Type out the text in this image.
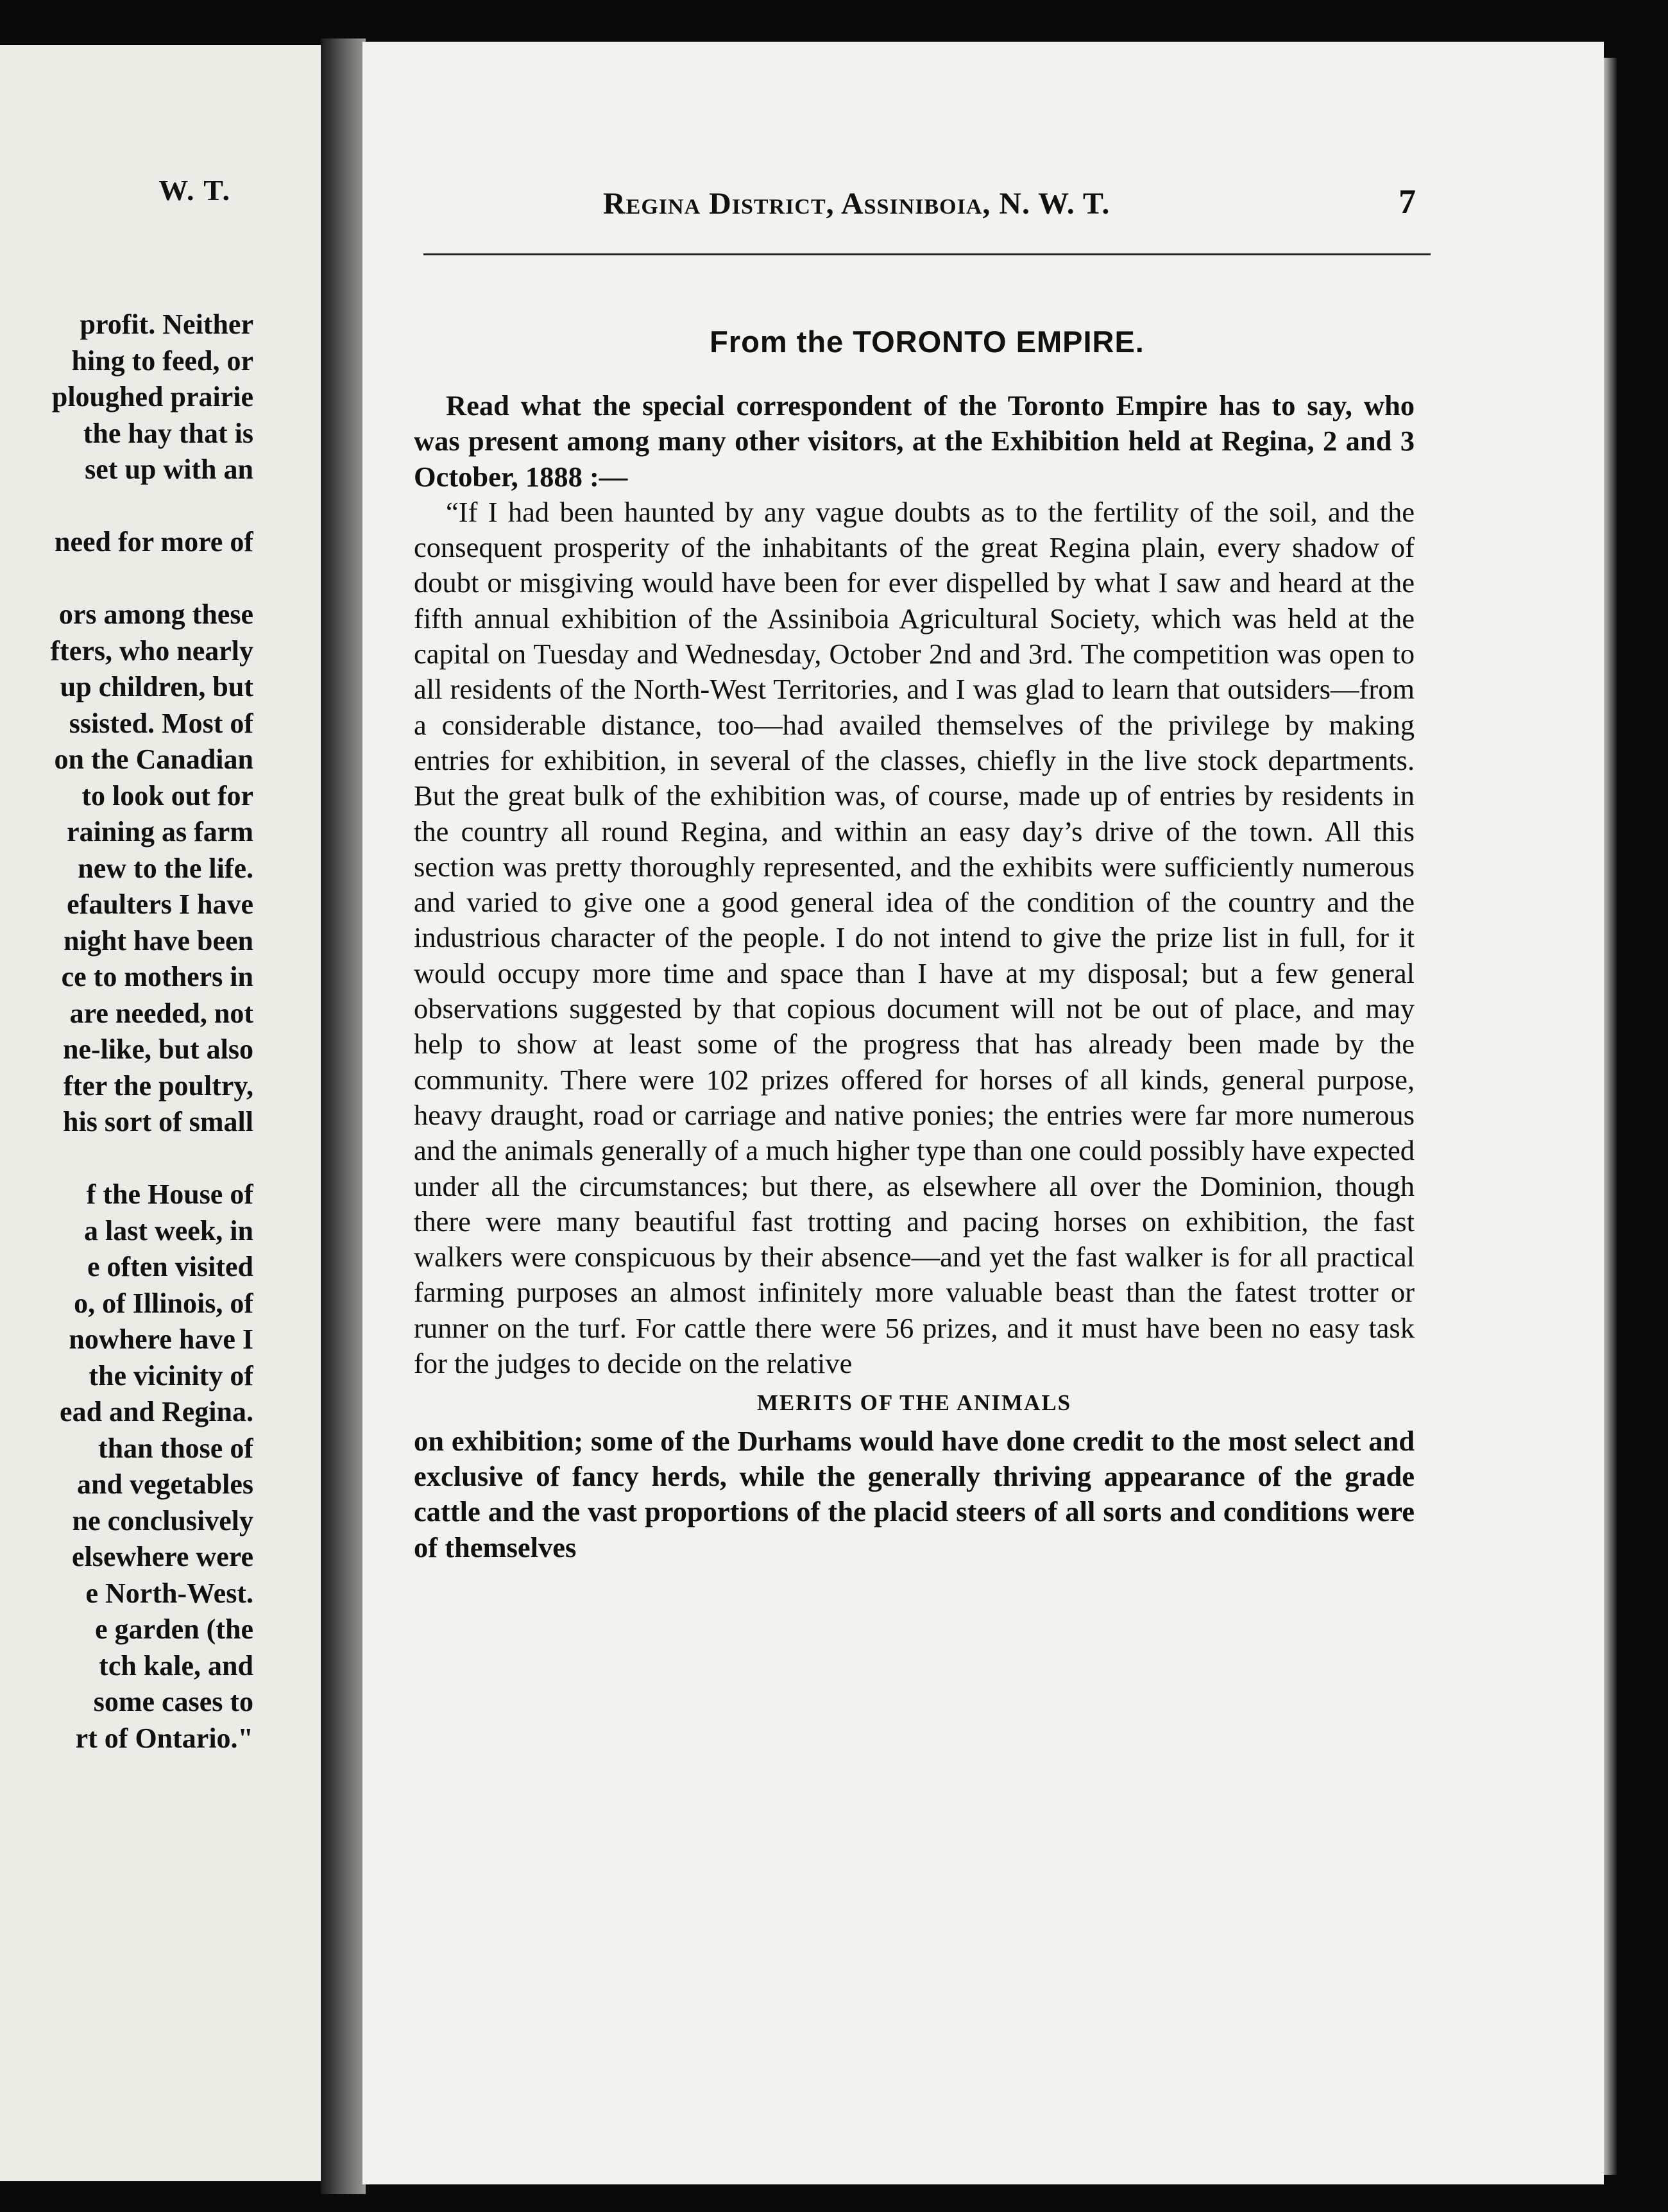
W. T.
profit. Neither
hing to feed, or
ploughed prairie
the hay that is
set up with an
need for more of
ors among these
fters, who nearly
up children, but
ssisted. Most of
on the Canadian
to look out for
raining as farm
new to the life.
efaulters I have
night have been
ce to mothers in
are needed, not
ne-like, but also
fter the poultry,
his sort of small
f the House of
a last week, in
e often visited
o, of Illinois, of
nowhere have I
the vicinity of
ead and Regina.
than those of
and vegetables
ne conclusively
elsewhere were
e North-West.
e garden (the
tch kale, and
some cases to
rt of Ontario."
Regina District, Assiniboia, N. W. T.	7
From the TORONTO EMPIRE.

Read what the special correspondent of the Toronto Empire has to say, who was present among many other visitors, at the Exhibition held at Regina, 2 and 3 October, 1888 :—

“If I had been haunted by any vague doubts as to the fertility of the soil, and the consequent prosperity of the inhabitants of the great Regina plain, every shadow of doubt or misgiving would have been for ever dispelled by what I saw and heard at the fifth annual exhibition of the Assiniboia Agricultural Society, which was held at the capital on Tuesday and Wednesday, October 2nd and 3rd. The competition was open to all residents of the North-West Territories, and I was glad to learn that outsiders—from a considerable distance, too—had availed themselves of the privilege by making entries for exhibition, in several of the classes, chiefly in the live stock departments. But the great bulk of the exhibition was, of course, made up of entries by residents in the country all round Regina, and within an easy day’s drive of the town. All this section was pretty thoroughly represented, and the exhibits were sufficiently numerous and varied to give one a good general idea of the condition of the country and the industrious character of the people. I do not intend to give the prize list in full, for it would occupy more time and space than I have at my disposal; but a few general observations suggested by that copious document will not be out of place, and may help to show at least some of the progress that has already been made by the community. There were 102 prizes offered for horses of all kinds, general purpose, heavy draught, road or carriage and native ponies; the entries were far more numerous and the animals generally of a much higher type than one could possibly have expected under all the circumstances; but there, as elsewhere all over the Dominion, though there were many beautiful fast trotting and pacing horses on exhibition, the fast walkers were conspicuous by their absence—and yet the fast walker is for all practical farming purposes an almost infinitely more valuable beast than the fatest trotter or runner on the turf. For cattle there were 56 prizes, and it must have been no easy task for the judges to decide on the relative

MERITS OF THE ANIMALS

on exhibition; some of the Durhams would have done credit to the most select and exclusive of fancy herds, while the generally thriving appearance of the grade cattle and the vast proportions of the placid steers of all sorts and conditions were of themselves
